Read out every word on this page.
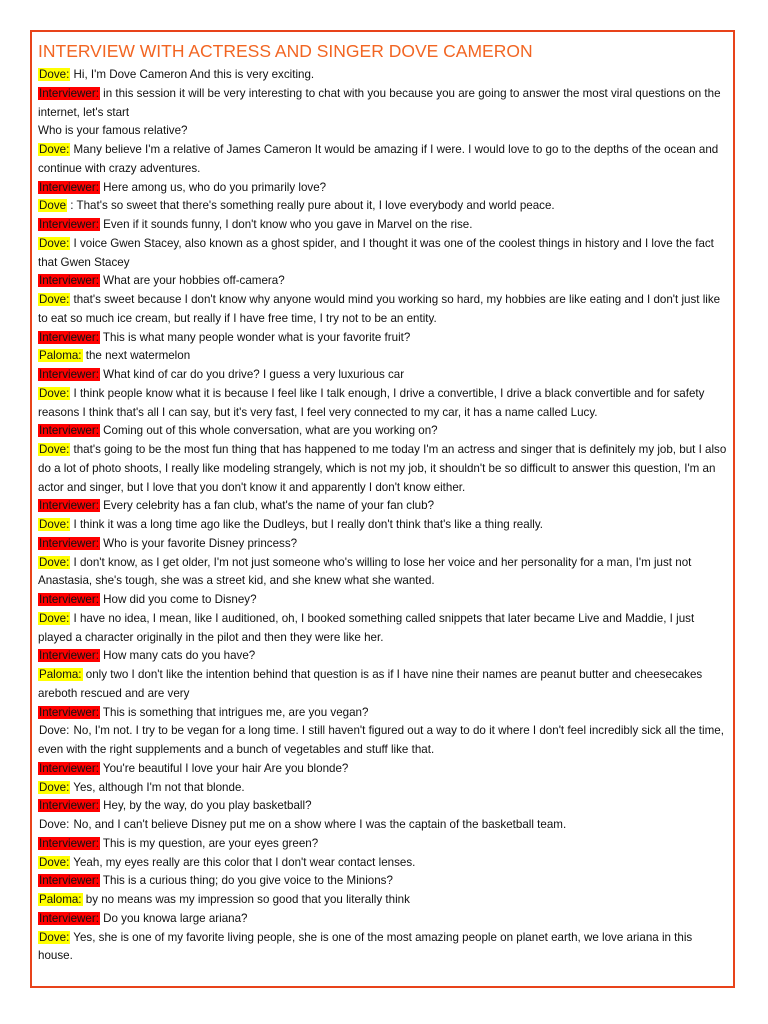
INTERVIEW WITH ACTRESS AND SINGER DOVE CAMERON

Dove: Hi, I'm Dove Cameron And this is very exciting.

Interviewer: in this session it will be very interesting to chat with you because you are going to answer the most viral questions on the internet, let's start

Who is your famous relative?

Dove: Many believe I'm a relative of James Cameron It would be amazing if I were. I would love to go to the depths of the ocean and continue with crazy adventures.

Interviewer: Here among us, who do you primarily love?

Dove : That's so sweet that there's something really pure about it, I love everybody and world peace.

Interviewer: Even if it sounds funny, I don't know who you gave in Marvel on the rise.

Dove: I voice Gwen Stacey, also known as a ghost spider, and I thought it was one of the coolest things in history and I love the fact that Gwen Stacey

Interviewer: What are your hobbies off-camera?

Dove: that's sweet because I don't know why anyone would mind you working so hard, my hobbies are like eating and I don't just like to eat so much ice cream, but really if I have free time, I try not to be an entity.

Interviewer: This is what many people wonder what is your favorite fruit?

Paloma: the next watermelon

Interviewer: What kind of car do you drive? I guess a very luxurious car

Dove: I think people know what it is because I feel like I talk enough, I drive a convertible, I drive a black convertible and for safety reasons I think that's all I can say, but it's very fast, I feel very connected to my car, it has a name called Lucy.

Interviewer: Coming out of this whole conversation, what are you working on?

Dove: that's going to be the most fun thing that has happened to me today I'm an actress and singer that is definitely my job, but I also do a lot of photo shoots, I really like modeling strangely, which is not my job, it shouldn't be so difficult to answer this question, I'm an actor and singer, but I love that you don't know it and apparently I don't know either.

Interviewer: Every celebrity has a fan club, what's the name of your fan club?

Dove: I think it was a long time ago like the Dudleys, but I really don't think that's like a thing really.

Interviewer: Who is your favorite Disney princess?

Dove: I don't know, as I get older, I'm not just someone who's willing to lose her voice and her personality for a man, I'm just not Anastasia, she's tough, she was a street kid, and she knew what she wanted.

Interviewer: How did you come to Disney?

Dove: I have no idea, I mean, like I auditioned, oh, I booked something called snippets that later became Live and Maddie, I just played a character originally in the pilot and then they were like her.

Interviewer: How many cats do you have?

Paloma: only two I don't like the intention behind that question is as if I have nine their names are peanut butter and cheesecakes areboth rescued and are very

Interviewer: This is something that intrigues me, are you vegan?

Dove: No, I'm not. I try to be vegan for a long time. I still haven't figured out a way to do it where I don't feel incredibly sick all the time, even with the right supplements and a bunch of vegetables and stuff like that.

Interviewer: You're beautiful I love your hair Are you blonde?

Dove: Yes, although I'm not that blonde.

Interviewer: Hey, by the way, do you play basketball?

Dove: No, and I can't believe Disney put me on a show where I was the captain of the basketball team.

Interviewer: This is my question, are your eyes green?

Dove: Yeah, my eyes really are this color that I don't wear contact lenses.

Interviewer: This is a curious thing; do you give voice to the Minions?

Paloma: by no means was my impression so good that you literally think

Interviewer: Do you knowa large ariana?

Dove: Yes, she is one of my favorite living people, she is one of the most amazing people on planet earth, we love ariana in this house.
